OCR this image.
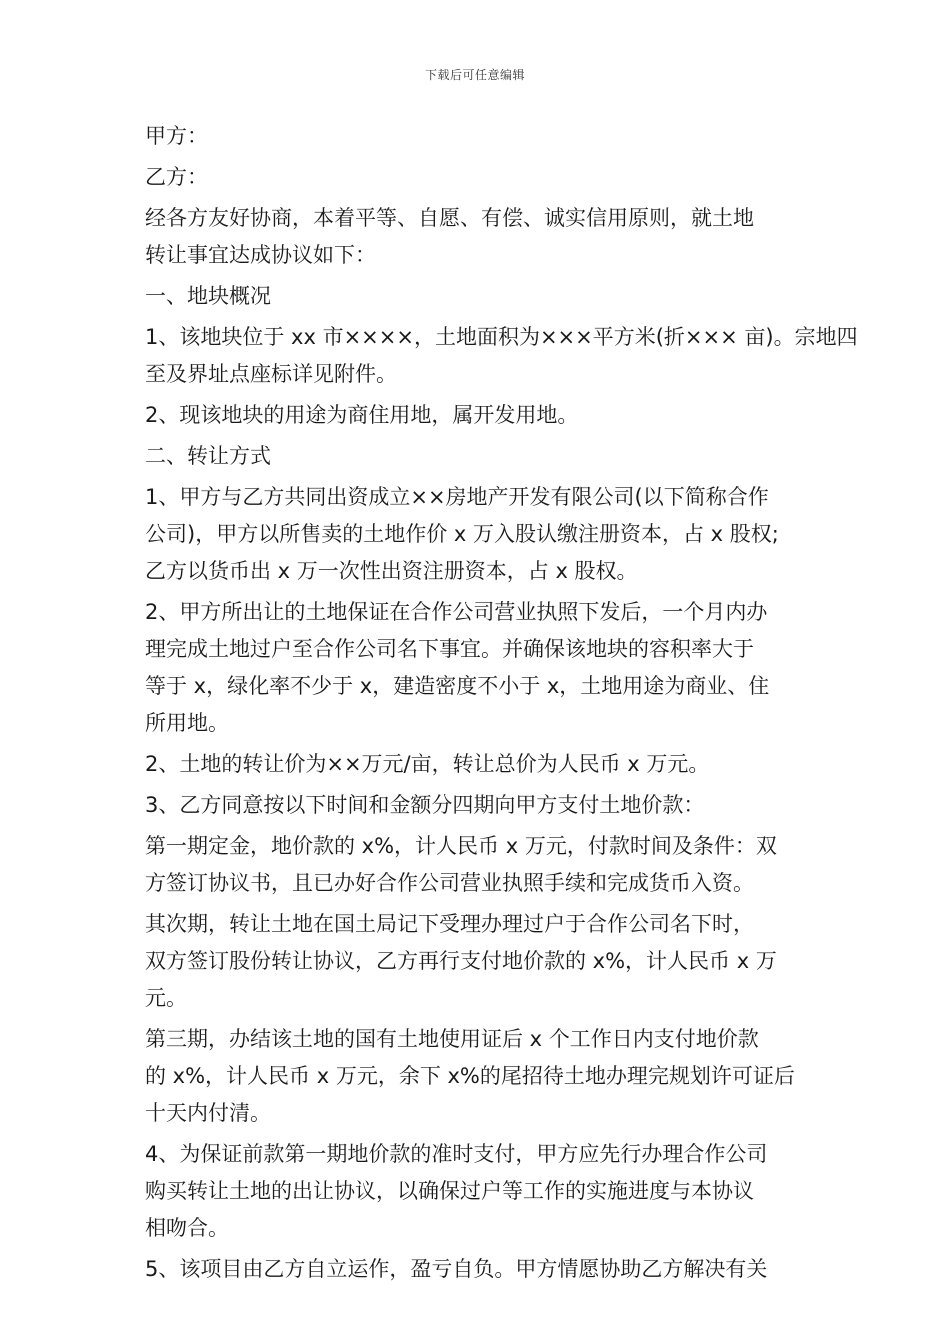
下载后可任意编辑
甲方：
乙方：
经各方友好协商，本着平等、自愿、有偿、诚实信用原则，就土地
转让事宜达成协议如下：
一、地块概况
1、该地块位于 xx 市××××，土地面积为×××平方米(折××× 亩)。宗地四
至及界址点座标详见附件。
2、现该地块的用途为商住用地，属开发用地。
二、转让方式
1、甲方与乙方共同出资成立××房地产开发有限公司(以下简称合作
公司)，甲方以所售卖的土地作价 x 万入股认缴注册资本，占 x 股权;
乙方以货币出 x 万一次性出资注册资本，占 x 股权。
2、甲方所出让的土地保证在合作公司营业执照下发后，一个月内办
理完成土地过户至合作公司名下事宜。并确保该地块的容积率大于
等于 x，绿化率不少于 x，建造密度不小于 x，土地用途为商业、住
所用地。
2、土地的转让价为××万元/亩，转让总价为人民币 x 万元。
3、乙方同意按以下时间和金额分四期向甲方支付土地价款：
第一期定金，地价款的 x%，计人民币 x 万元，付款时间及条件：双
方签订协议书，且已办好合作公司营业执照手续和完成货币入资。
其次期，转让土地在国土局记下受理办理过户于合作公司名下时，
双方签订股份转让协议，乙方再行支付地价款的 x%，计人民币 x 万
元。
第三期，办结该土地的国有土地使用证后 x 个工作日内支付地价款
的 x%，计人民币 x 万元，余下 x%的尾招待土地办理完规划许可证后
十天内付清。
4、为保证前款第一期地价款的准时支付，甲方应先行办理合作公司
购买转让土地的出让协议，以确保过户等工作的实施进度与本协议
相吻合。
5、该项目由乙方自立运作，盈亏自负。甲方情愿协助乙方解决有关
